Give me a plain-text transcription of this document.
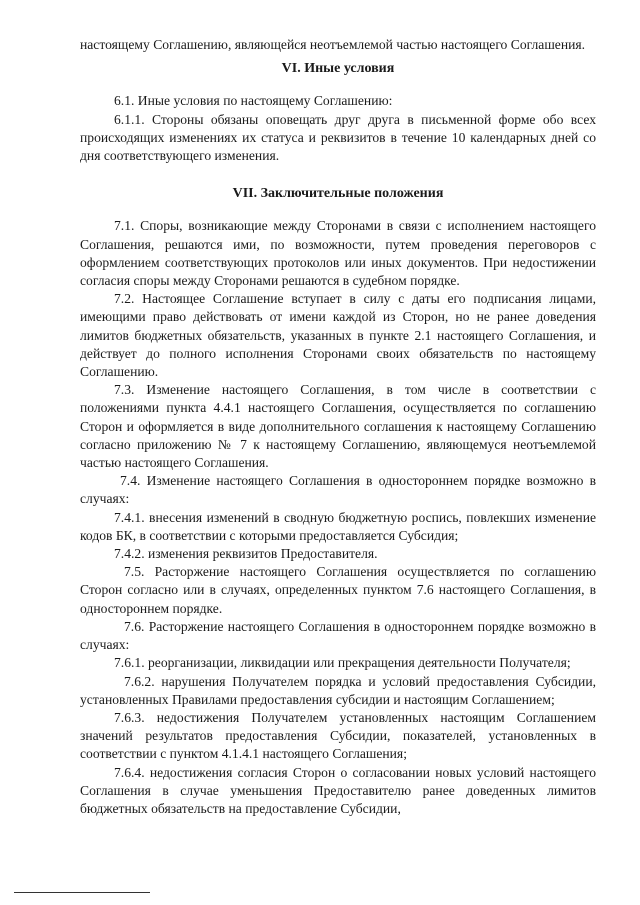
настоящему Соглашению, являющейся неотъемлемой частью настоящего Соглашения.

VI. Иные условия

6.1. Иные условия по настоящему Соглашению:

6.1.1. Стороны обязаны оповещать друг друга в письменной форме обо всех происходящих изменениях их статуса и реквизитов в течение 10 календарных дней со дня соответствующего изменения.

VII. Заключительные положения

7.1. Споры, возникающие между Сторонами в связи с исполнением настоящего Соглашения, решаются ими, по возможности, путем проведения переговоров с оформлением соответствующих протоколов или иных документов. При недостижении согласия споры между Сторонами решаются в судебном порядке.

7.2. Настоящее Соглашение вступает в силу с даты его подписания лицами, имеющими право действовать от имени каждой из Сторон, но не ранее доведения лимитов бюджетных обязательств, указанных в пункте 2.1 настоящего Соглашения, и действует до полного исполнения Сторонами своих обязательств по настоящему Соглашению.

7.3. Изменение настоящего Соглашения, в том числе в соответствии с положениями пункта 4.4.1 настоящего Соглашения, осуществляется по соглашению Сторон и оформляется в виде дополнительного соглашения к настоящему Соглашению согласно приложению № 7 к настоящему Соглашению, являющемуся неотъемлемой частью настоящего Соглашения.

7.4. Изменение настоящего Соглашения в одностороннем порядке возможно в случаях:

7.4.1. внесения изменений в сводную бюджетную роспись, повлекших изменение кодов БК, в соответствии с которыми предоставляется Субсидия;

7.4.2. изменения реквизитов Предоставителя.

7.5. Расторжение настоящего Соглашения осуществляется по соглашению Сторон согласно или в случаях, определенных пунктом 7.6 настоящего Соглашения, в одностороннем порядке.

7.6. Расторжение настоящего Соглашения в одностороннем порядке возможно в случаях:

7.6.1. реорганизации, ликвидации или прекращения деятельности Получателя;

7.6.2. нарушения Получателем порядка и условий предоставления Субсидии, установленных Правилами предоставления субсидии и настоящим Соглашением;

7.6.3. недостижения Получателем установленных настоящим Соглашением значений результатов предоставления Субсидии, показателей, установленных в соответствии с пунктом 4.1.4.1 настоящего Соглашения;

7.6.4. недостижения согласия Сторон о согласовании новых условий настоящего Соглашения в случае уменьшения Предоставителю ранее доведенных лимитов бюджетных обязательств на предоставление Субсидии,
